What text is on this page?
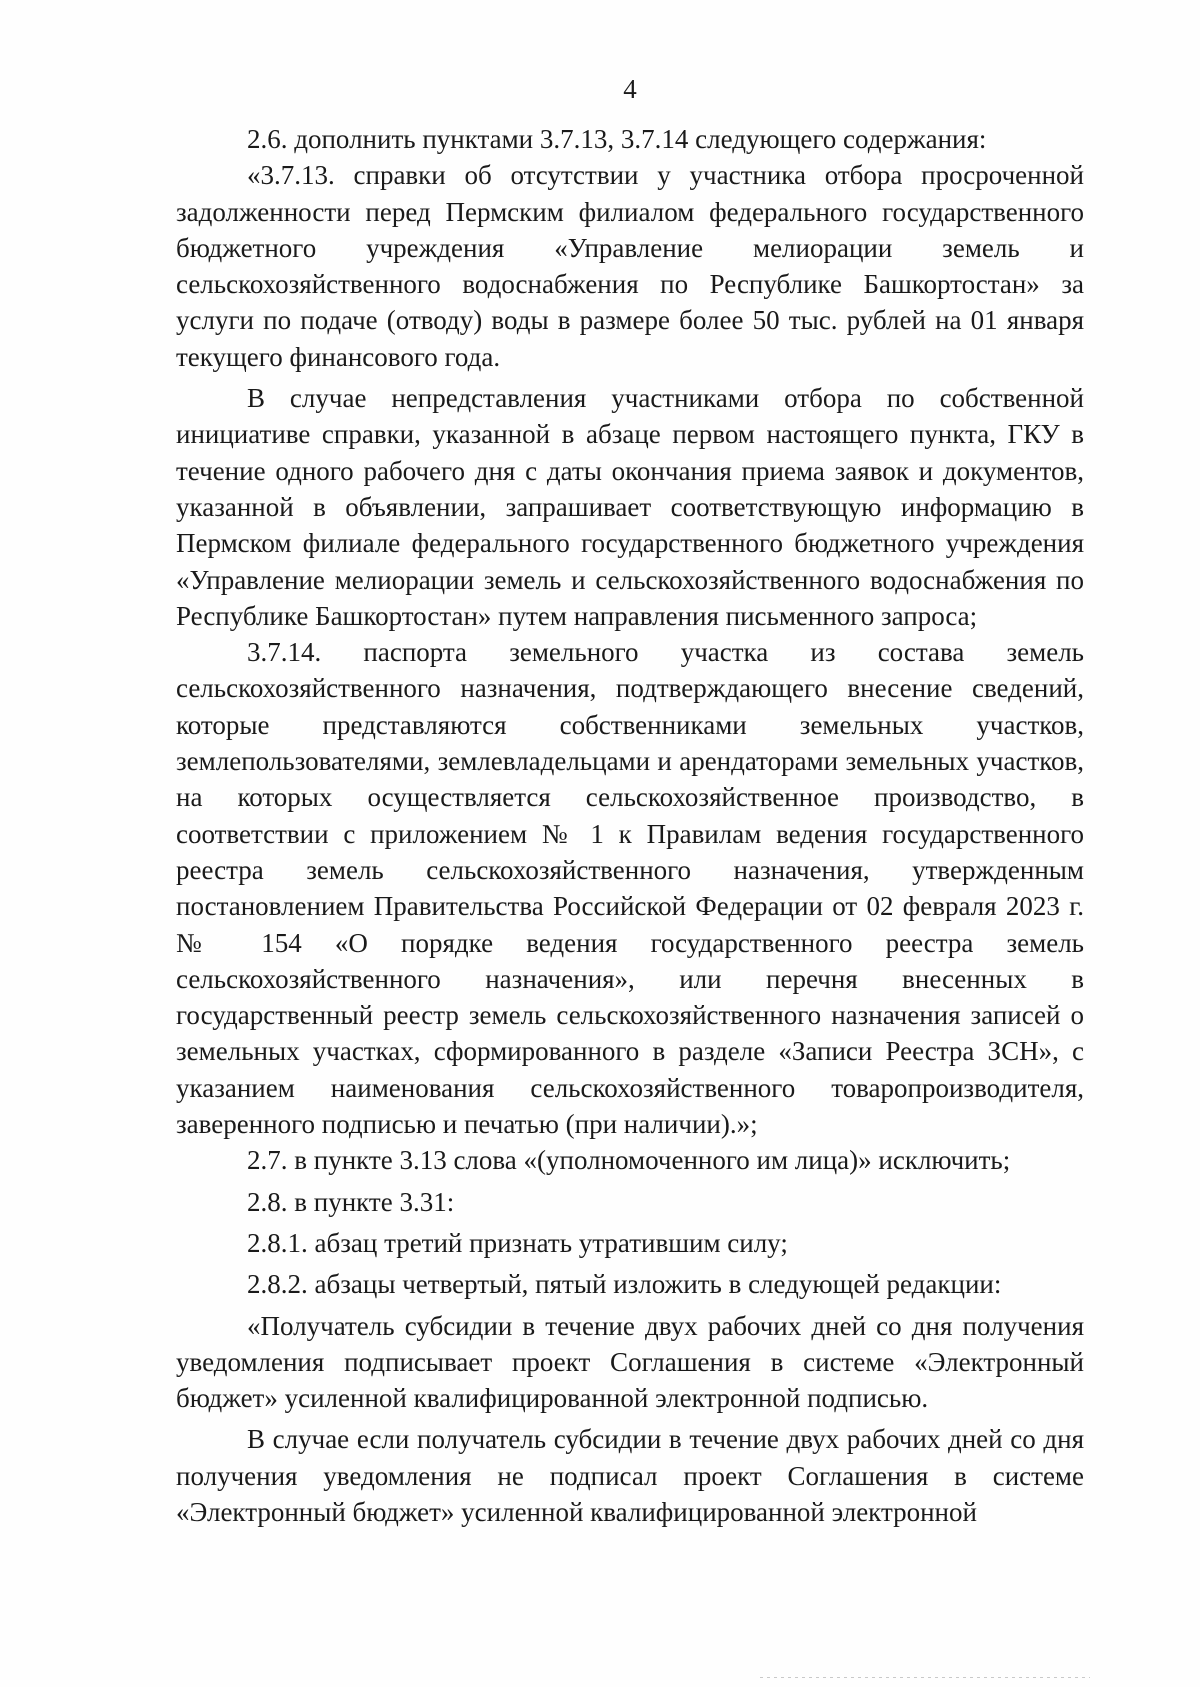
4

2.6. дополнить пунктами 3.7.13, 3.7.14 следующего содержания:

«3.7.13. справки об отсутствии у участника отбора просроченной задолженности перед Пермским филиалом федерального государственного бюджетного учреждения «Управление мелиорации земель и сельскохозяйственного водоснабжения по Республике Башкортостан» за услуги по подаче (отводу) воды в размере более 50 тыс. рублей на 01 января текущего финансового года.

В случае непредставления участниками отбора по собственной инициативе справки, указанной в абзаце первом настоящего пункта, ГКУ в течение одного рабочего дня с даты окончания приема заявок и документов, указанной в объявлении, запрашивает соответствующую информацию в Пермском филиале федерального государственного бюджетного учреждения «Управление мелиорации земель и сельскохозяйственного водоснабжения по Республике Башкортостан» путем направления письменного запроса;

3.7.14. паспорта земельного участка из состава земель сельскохозяйственного назначения, подтверждающего внесение сведений, которые представляются собственниками земельных участков, землепользователями, землевладельцами и арендаторами земельных участков, на которых осуществляется сельскохозяйственное производство, в соответствии с приложением № 1 к Правилам ведения государственного реестра земель сельскохозяйственного назначения, утвержденным постановлением Правительства Российской Федерации от 02 февраля 2023 г. № 154 «О порядке ведения государственного реестра земель сельскохозяйственного назначения», или перечня внесенных в государственный реестр земель сельскохозяйственного назначения записей о земельных участках, сформированного в разделе «Записи Реестра ЗСН», с указанием наименования сельскохозяйственного товаропроизводителя, заверенного подписью и печатью (при наличии).»;

2.7. в пункте 3.13 слова «(уполномоченного им лица)» исключить;

2.8. в пункте 3.31:

2.8.1. абзац третий признать утратившим силу;

2.8.2. абзацы четвертый, пятый изложить в следующей редакции:

«Получатель субсидии в течение двух рабочих дней со дня получения уведомления подписывает проект Соглашения в системе «Электронный бюджет» усиленной квалифицированной электронной подписью.

В случае если получатель субсидии в течение двух рабочих дней со дня получения уведомления не подписал проект Соглашения в системе «Электронный бюджет» усиленной квалифицированной электронной
